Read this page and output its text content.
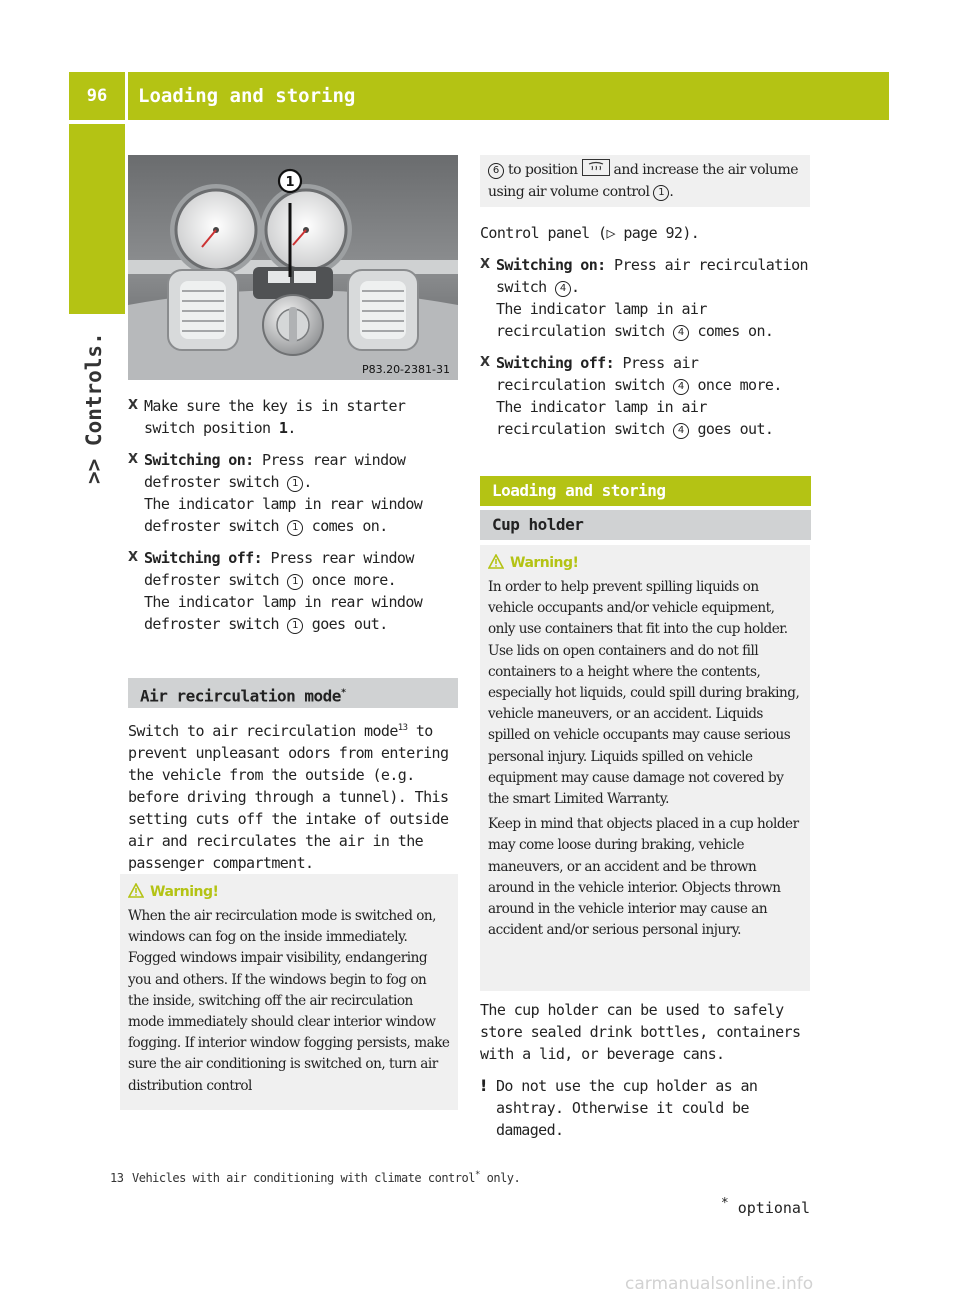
96	Loading and storing
>> Controls.
1
P83.20-2381-31
X Make sure the key is in starter switch position 1.
X Switching on: Press rear window defroster switch 1 .
The indicator lamp in rear window defroster switch 1 comes on.
X Switching off: Press rear window defroster switch 1 once more.
The indicator lamp in rear window defroster switch 1 goes out.
Air recirculation mode*
Switch to air recirculation mode$^{13}$ to prevent unpleasant odors from entering the vehicle from the outside (e.g. before driving through a tunnel). This setting cuts off the intake of outside air and recirculates the air in the passenger compartment.
Warning!
When the air recirculation mode is switched on, windows can fog on the inside immediately. Fogged windows impair visibility, endangering you and others. If the windows begin to fog on the inside, switching off the air recirculation mode immediately should clear interior window fogging. If interior window fogging persists, make sure the air conditioning is switched on, turn air distribution control
6 to position
and increase the air volume using air volume control 1 .
Control panel (▷ page 92).
X Switching on: Press air recirculation switch 4 .
The indicator lamp in air recirculation switch 4 comes on.
X Switching off: Press air recirculation switch 4 once more.
The indicator lamp in air recirculation switch 4 goes out.
Loading and storing
Cup holder
Warning!
In order to help prevent spilling liquids on vehicle occupants and/or vehicle equipment, only use containers that fit into the cup holder. Use lids on open containers and do not fill containers to a height where the contents, especially hot liquids, could spill during braking, vehicle maneuvers, or an accident. Liquids spilled on vehicle occupants may cause serious personal injury. Liquids spilled on vehicle equipment may cause damage not covered by the smart Limited Warranty.
Keep in mind that objects placed in a cup holder may come loose during braking, vehicle maneuvers, or an accident and be thrown around in the vehicle interior. Objects thrown around in the vehicle interior may cause an accident and/or serious personal injury.
The cup holder can be used to safely store sealed drink bottles, containers with a lid, or beverage cans.
! Do not use the cup holder as an ashtray. Otherwise it could be damaged.
13 Vehicles with air conditioning with climate control* only.
* optional
carmanualsonline.info
